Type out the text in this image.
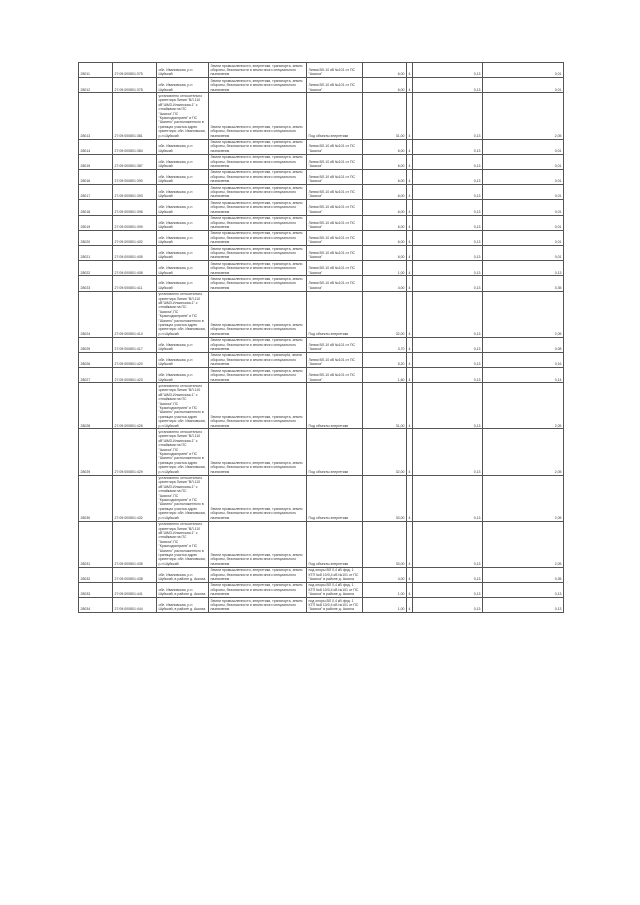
28011	27:09:000801:375	обл. Ивановская, р-н Шуйский	Земли промышленности, энергетики, транспорта, земли обороны, безопасности и земли иного специального назначения	Линия ВЛ-10 кВ №101 от ПС "Аксиха"	6,00	4	0,13	0,01
28012	27:09:000801:378	обл. Ивановская, р-н Шуйский	Земли промышленности, энергетики, транспорта, земли обороны, безопасности и земли иного специального назначения	Линия ВЛ-10 кВ №101 от ПС "Аксиха"	6,00	4	0,13	0,01
28013	27:09:000801:381	установлено относительно ориентира Линия "ВЛ-110 кВ"ШМЗ-Ильинская-1" с отпайками на ПС "Аксиха",ПС "Краснодмитриев" и ПС "Шагино" расположенного в границах участка адрес ориентира: обл. Ивановская, р-н Шуйский	Земли промышленности, энергетики, транспорта, земли обороны, безопасности и земли иного специального назначения	Под объекты энергетики	31,00	4	0,13	2,05
28014	27:09:000801:384	обл. Ивановская, р-н Шуйский	Земли промышленности, энергетики, транспорта, земли обороны, безопасности и земли иного специального назначения	Линия ВЛ-10 кВ №101 от ПС "Аксиха"	6,00	4	0,13	0,01
28015	27:09:000801:387	обл. Ивановская, р-н Шуйский	Земли промышленности, энергетики, транспорта, земли обороны, безопасности и земли иного специального назначения	Линия ВЛ-10 кВ №101 от ПС "Аксиха"	6,00	4	0,13	0,01
28016	27:09:000801:390	обл. Ивановская, р-н Шуйский	Земли промышленности, энергетики, транспорта, земли обороны, безопасности и земли иного специального назначения	Линия ВЛ-10 кВ №101 от ПС "Аксиха"	6,00	4	0,13	0,01
28017	27:09:000801:393	обл. Ивановская, р-н Шуйский	Земли промышленности, энергетики, транспорта, земли обороны, безопасности и земли иного специального назначения	Линия ВЛ-10 кВ №101 от ПС "Аксиха"	6,00	4	0,13	0,01
28018	27:09:000801:396	обл. Ивановская, р-н Шуйский	Земли промышленности, энергетики, транспорта, земли обороны, безопасности и земли иного специального назначения	Линия ВЛ-10 кВ №101 от ПС "Аксиха"	6,00	4	0,13	0,01
28019	27:09:000801:399	обл. Ивановская, р-н Шуйский	Земли промышленности, энергетики, транспорта, земли обороны, безопасности и земли иного специального назначения	Линия ВЛ-10 кВ №101 от ПС "Аксиха"	6,00	4	0,13	0,01
28020	27:09:000801:402	обл. Ивановская, р-н Шуйский	Земли промышленности, энергетики, транспорта, земли обороны, безопасности и земли иного специального назначения	Линия ВЛ-10 кВ №101 от ПС "Аксиха"	6,00	4	0,13	0,01
28021	27:09:000801:405	обл. Ивановская, р-н Шуйский	Земли промышленности, энергетики, транспорта, земли обороны, безопасности и земли иного специального назначения	Линия ВЛ-10 кВ №101 от ПС "Аксиха"	6,00	4	0,13	0,01
28022	27:09:000801:408	обл. Ивановская, р-н Шуйский	Земли промышленности, энергетики, транспорта, земли обороны, безопасности и земли иного специального назначения	Линия ВЛ-10 кВ №101 от ПС "Аксиха"	1,00	4	0,13	0,13
28023	27:09:000801:411	обл. Ивановская, р-н Шуйский	Земли промышленности, энергетики, транспорта, земли обороны, безопасности и земли иного специального назначения	Линия ВЛ-10 кВ №101 от ПС "Аксиха"	4,00	4	0,13	0,35
28024	27:09:000801:414	установлено относительно ориентира Линия "ВЛ-110 кВ"ШМЗ-Ильинская-1" с отпайками на ПС "Аксиха",ПС "Краснодмитриев" и ПС "Шагино" расположенного в границах участка адрес ориентира: обл. Ивановская, р-н Шуйский	Земли промышленности, энергетики, транспорта, земли обороны, безопасности и земли иного специального назначения	Под объекты энергетики	32,00	4	0,13	2,05
28025	27:09:000801:417	обл. Ивановская, р-н Шуйский	Земли промышленности, энергетики, транспорта, земли обороны, безопасности и земли иного специального назначения	Линия ВЛ-10 кВ №101 от ПС "Аксиха"	3,70	4	0,13	0,08
28026	27:09:000801:420	обл. Ивановская, р-н Шуйский	Земли промышленности, энергетики, транспорta, земли обороны, безопасности и земли иного специального назначения	Линия ВЛ-10 кВ №101 от ПС "Аксиха"	5,20	4	0,13	0,16
28027	27:09:000801:423	обл. Ивановская, р-н Шуйский	Земли промышленности, энергетики, транспорта, земли обороны, безопасности и земли иного специального назначения	Линия ВЛ-10 кВ №101 от ПС "Аксиха"	1,60	4	0,13	0,14
28028	27:09:000801:426	установлено относительно ориентира Линия "ВЛ-110 кВ"ШМЗ-Ильинская-1" с отпайками на ПС "Аксиха",ПС "Краснодмитриев" и ПС "Шагино" расположенного в границах участка адрес ориентира: обл. Ивановская, р-н Шуйский	Земли промышленности, энергетики, транспорта, земли обороны, безопасности и земли иного специального назначения	Под объекты энергетики	31,00	4	0,13	2,05
28029	27:09:000801:429	установлено относительно ориентира Линия "ВЛ-110 кВ"ШМЗ-Ильинская-1" с отпайками на ПС "Аксиха",ПС "Краснодмитриев" и ПС "Шагино" расположенного в границах участка адрес ориентира: обл. Ивановская, р-н Шуйский	Земли промышленности, энергетики, транспорта, земли обороны, безопасности и земли иного специального назначения	Под объекты энергетики	32,00	4	0,13	2,05
28030	27:09:000801:432	установлено относительно ориентира Линия "ВЛ-110 кВ"ШМЗ-Ильинская-1" с отпайками на ПС "Аксиха",ПС "Краснодмитриев" и ПС "Шагино" расположенного в границах участка адрес ориентира: обл. Ивановская, р-н Шуйский	Земли промышленности, энергетики, транспорта, земли обороны, безопасности и земли иного специального назначения	Под объекты энергетики	33,00	4	0,13	2,05
28031	27:09:000801:435	установлено относительно ориентира Линия "ВЛ-110 кВ"ШМЗ-Ильинская-1" с отпайками на ПС "Аксиха",ПС "Краснодмитриев" и ПС "Шагино" расположенного в границах участка адрес ориентира: обл. Ивановская, р-н Шуйский	Земли промышленности, энергетики, транспорта, земли обороны, безопасности и земли иного специального назначения	Под объекты энергетики	33,00	4	0,13	2,05
28032	27:09:000801:438	обл. Ивановская, р-н Шуйский, в районе д. Аксиха	Земли промышленности, энергетики, транспорта, земли обороны, безопасности и земли иного специального назначения	под опоры ВЛ 0,4 кВ фид. 1 КТП №8 10/0,4 кВ №101 от ПС "Аксиха" в районе д. Аксиха	4,00	4	0,13	0,35
28033	27:09:000801:441	обл. Ивановская, р-н Шуйский, в районе д. Аксиха	Земли промышленности, энергетики, транспорта, земли обороны, безопасности и земли иного специального назначения	под опоры ВЛ 0,4 кВ фид. 1 КТП №8 10/0,4 кВ №101 от ПС "Аксиха" в районе д. Аксиха	1,00	4	0,13	0,13
28034	27:09:000801:444	обл. Ивановская, р-н Шуйский, в районе д. Аксиха	Земли промышленности, энергетики, транспорта, земли обороны, безопасности и земли иного специального назначения	под опоры ВЛ 0,4 кВ фид. 1 КТП №8 10/0,4 кВ №101 от ПС "Аксиха" в районе д. Аксиха	1,00	4	0,13	0,13
